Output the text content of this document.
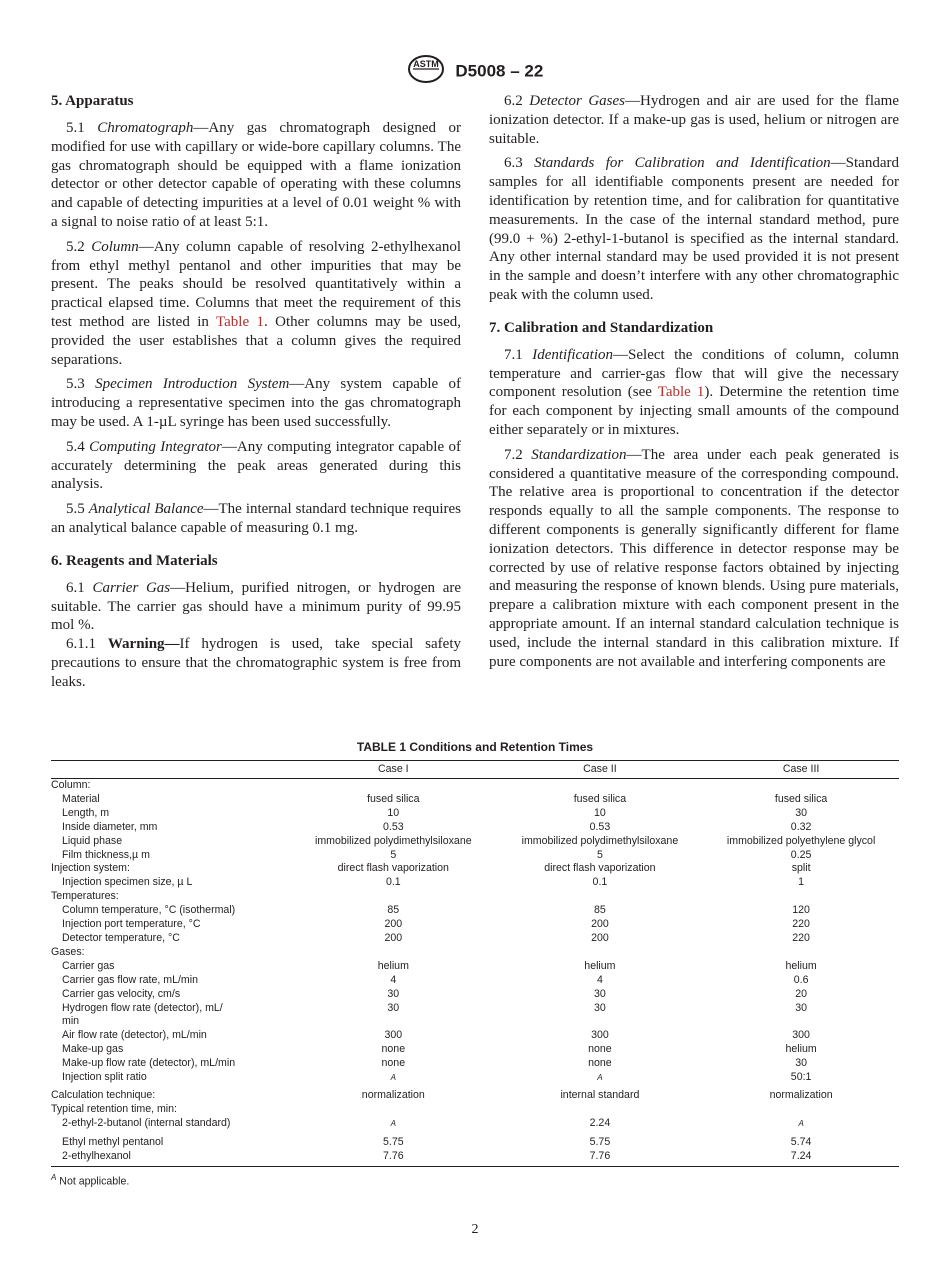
ASTM D5008 – 22
5. Apparatus

5.1 Chromatograph—Any gas chromatograph designed or modified for use with capillary or wide-bore capillary columns. The gas chromatograph should be equipped with a flame ionization detector or other detector capable of operating with these columns and capable of detecting impurities at a level of 0.01 weight % with a signal to noise ratio of at least 5:1.

5.2 Column—Any column capable of resolving 2-ethylhexanol from ethyl methyl pentanol and other impurities that may be present. The peaks should be resolved quantitatively within a practical elapsed time. Columns that meet the requirement of this test method are listed in Table 1. Other columns may be used, provided the user establishes that a column gives the required separations.

5.3 Specimen Introduction System—Any system capable of introducing a representative specimen into the gas chromatograph may be used. A 1-µL syringe has been used successfully.

5.4 Computing Integrator—Any computing integrator capable of accurately determining the peak areas generated during this analysis.

5.5 Analytical Balance—The internal standard technique requires an analytical balance capable of measuring 0.1 mg.

6. Reagents and Materials

6.1 Carrier Gas—Helium, purified nitrogen, or hydrogen are suitable. The carrier gas should have a minimum purity of 99.95 mol %.

6.1.1 Warning—If hydrogen is used, take special safety precautions to ensure that the chromatographic system is free from leaks.

6.2 Detector Gases—Hydrogen and air are used for the flame ionization detector. If a make-up gas is used, helium or nitrogen are suitable.

6.3 Standards for Calibration and Identification—Standard samples for all identifiable components present are needed for identification by retention time, and for calibration for quantitative measurements. In the case of the internal standard method, pure (99.0 + %) 2-ethyl-1-butanol is specified as the internal standard. Any other internal standard may be used provided it is not present in the sample and doesn’t interfere with any other chromatographic peak with the column used.

7. Calibration and Standardization

7.1 Identification—Select the conditions of column, column temperature and carrier-gas flow that will give the necessary component resolution (see Table 1). Determine the retention time for each component by injecting small amounts of the compound either separately or in mixtures.

7.2 Standardization—The area under each peak generated is considered a quantitative measure of the corresponding compound. The relative area is proportional to concentration if the detector responds equally to all the sample components. The response to different components is generally significantly different for flame ionization detectors. This difference in detector response may be corrected by use of relative response factors obtained by injecting and measuring the response of known blends. Using pure materials, prepare a calibration mixture with each component present in the appropriate amount. If an internal standard calculation technique is used, include the internal standard in this calibration mixture. If pure components are not available and interfering components are

TABLE 1 Conditions and Retention Times
	Case I	Case II	Case III
Column:			
Material	fused silica	fused silica	fused silica
Length, m	10	10	30
Inside diameter, mm	0.53	0.53	0.32
Liquid phase	immobilized polydimethylsiloxane	immobilized polydimethylsiloxane	immobilized polyethylene glycol
Film thickness,µ m	5	5	0.25
Injection system:	direct flash vaporization	direct flash vaporization	split
Injection specimen size, µ L	0.1	0.1	1
Temperatures:			
Column temperature, °C (isothermal)	85	85	120
Injection port temperature, °C	200	200	220
Detector temperature, °C	200	200	220
Gases:			
Carrier gas	helium	helium	helium
Carrier gas flow rate, mL/min	4	4	0.6
Carrier gas velocity, cm/s	30	30	20
Hydrogen flow rate (detector), mL/	30	30	30
min			
Air flow rate (detector), mL/min	300	300	300
Make-up gas	none	none	helium
Make-up flow rate (detector), mL/min	none	none	30
Injection split ratio	$^A$	$^A$	50:1
Calculation technique:	normalization	internal standard	normalization
Typical retention time, min:			
2-ethyl-2-butanol (internal standard)	$^A$	2.24	$^A$
Ethyl methyl pentanol	5.75	5.75	5.74
2-ethylhexanol	7.76	7.76	7.24
$^A$ Not applicable.
2
